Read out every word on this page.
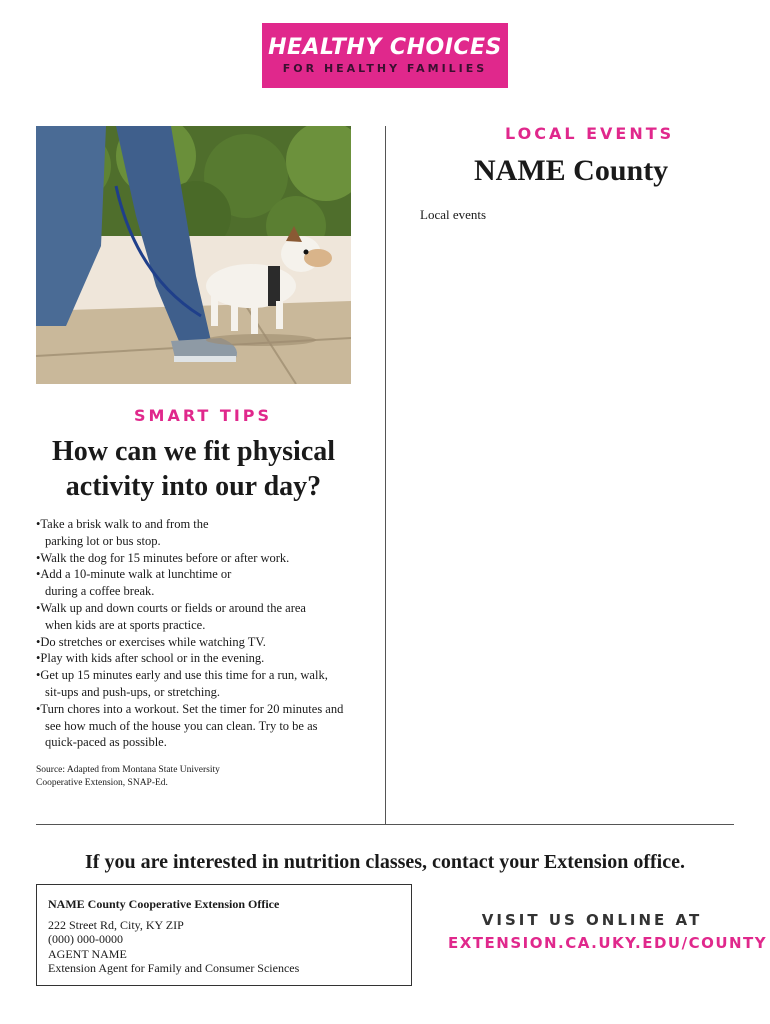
HEALTHY CHOICES
FOR HEALTHY FAMILIES
LOCAL EVENTS
NAME County
Local events
SMART TIPS
How can we fit physical
activity into our day?
• Take a brisk walk to and from the parking lot or bus stop.
• Walk the dog for 15 minutes before or after work.
• Add a 10-minute walk at lunchtime or during a coffee break.
• Walk up and down courts or fields or around the area when kids are at sports practice.
• Do stretches or exercises while watching TV.
• Play with kids after school or in the evening.
• Get up 15 minutes early and use this time for a run, walk, sit-ups and push-ups, or stretching.
• Turn chores into a workout. Set the timer for 20 minutes and see how much of the house you can clean. Try to be as quick-paced as possible.
Source: Adapted from Montana State University
Cooperative Extension, SNAP-Ed.
If you are interested in nutrition classes, contact your Extension office.
NAME County Cooperative Extension Office
222 Street Rd, City, KY ZIP
(000) 000-0000
AGENT NAME
Extension Agent for Family and Consumer Sciences
VISIT US ONLINE AT
EXTENSION.CA.UKY.EDU/COUNTY
